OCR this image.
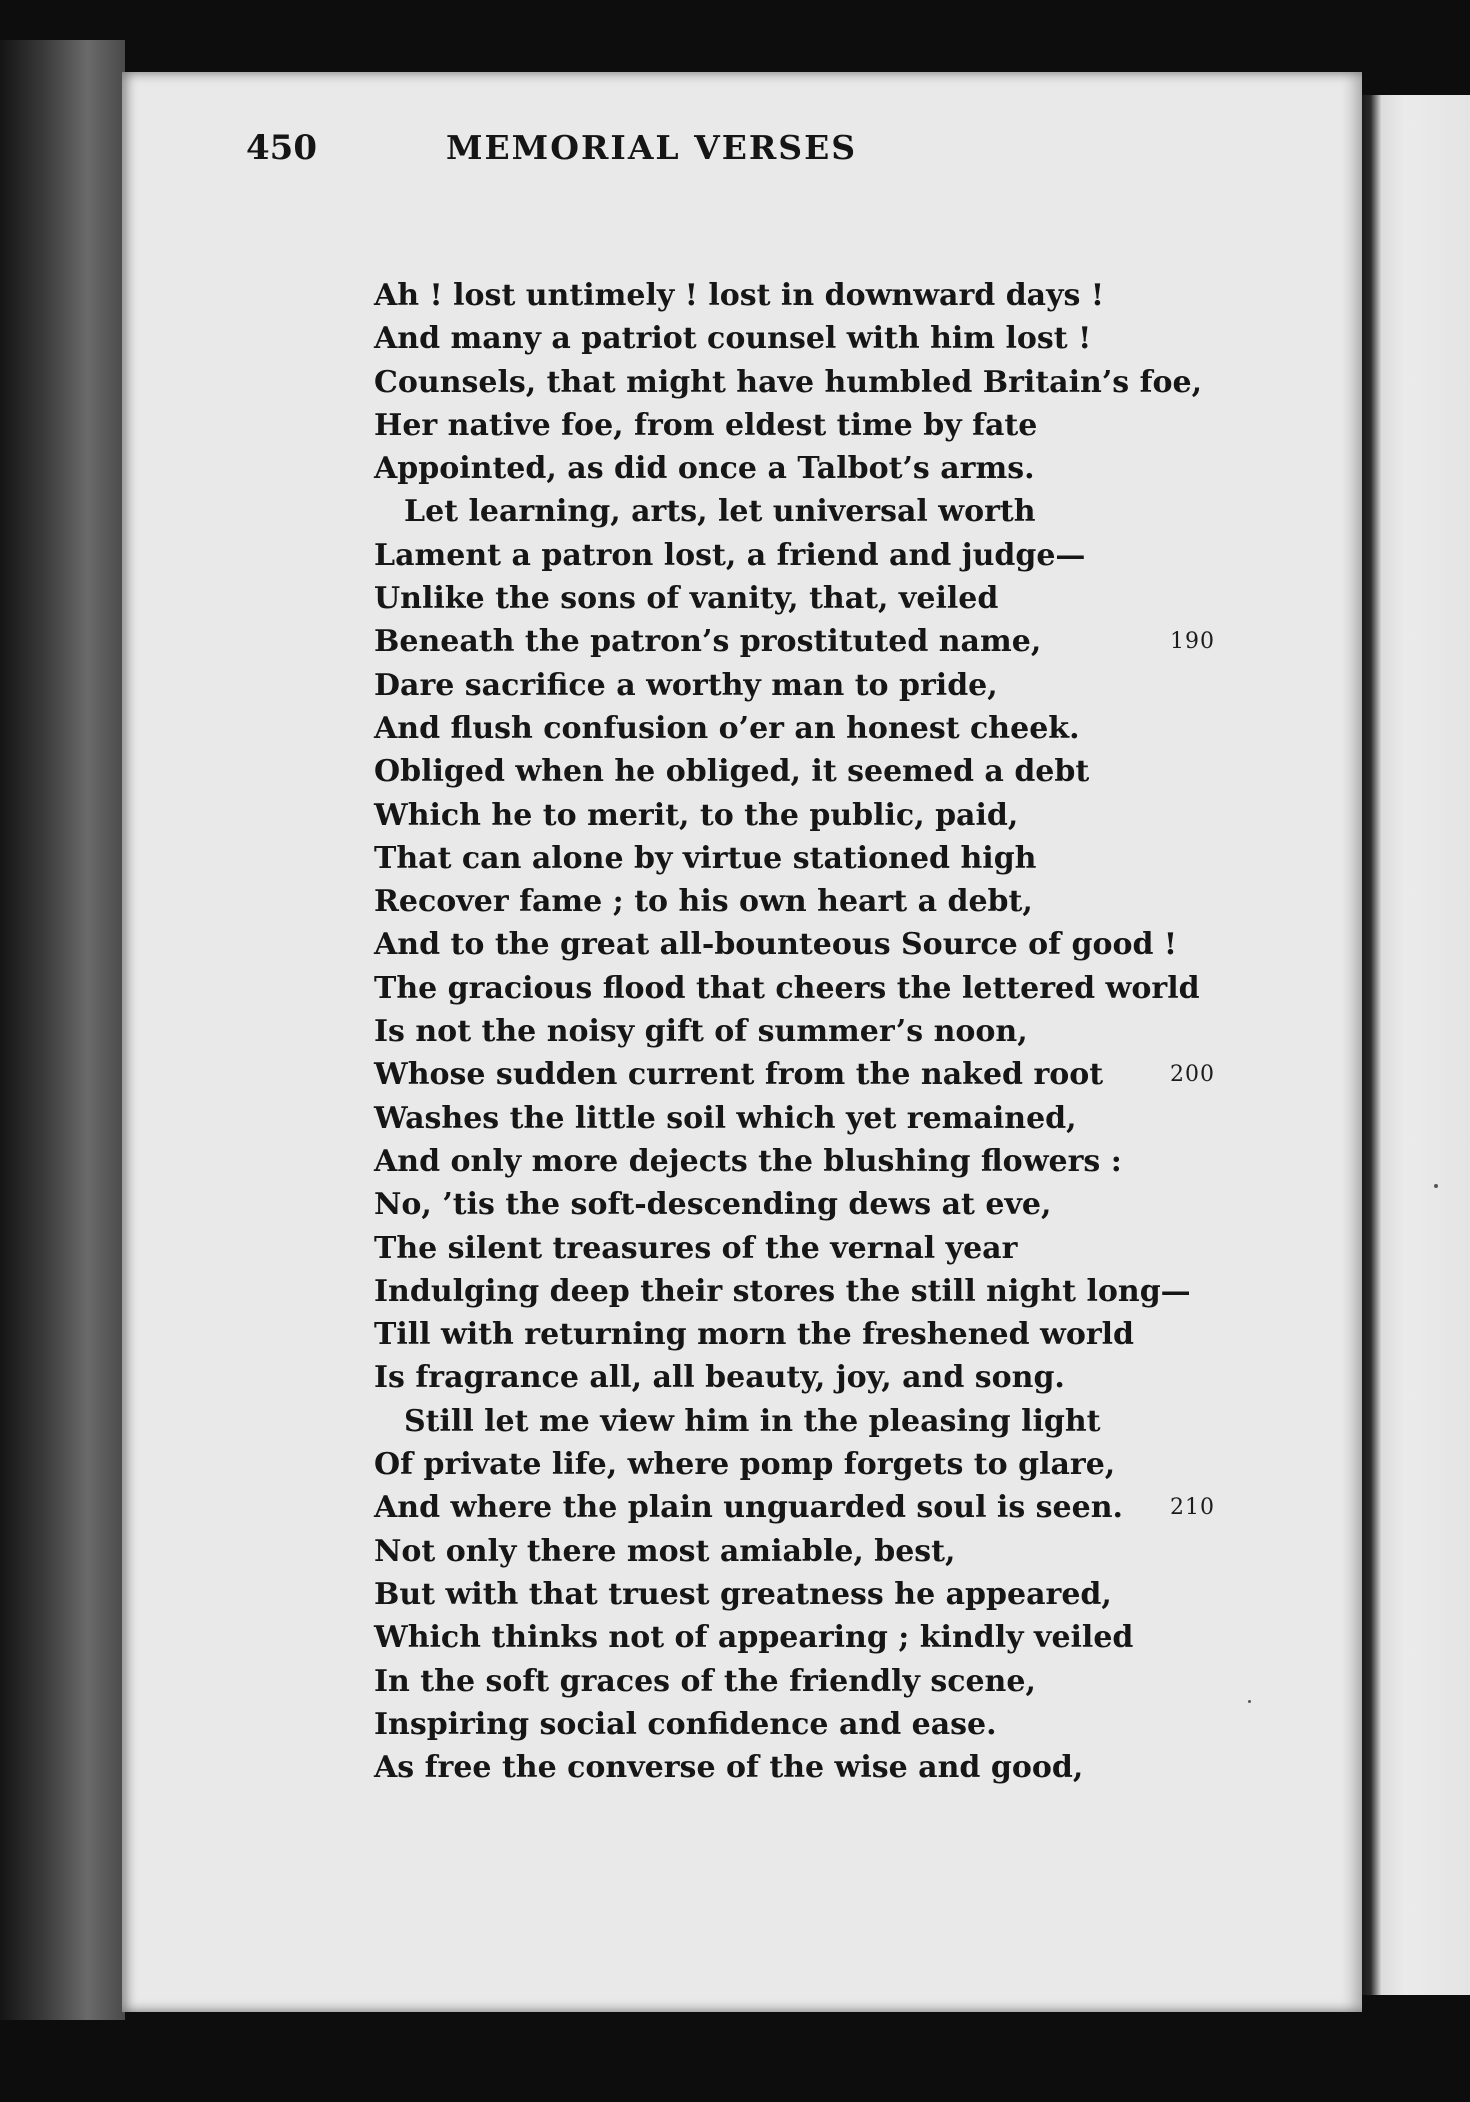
450	MEMORIAL VERSES
Ah ! lost untimely ! lost in downward days !
And many a patriot counsel with him lost !
Counsels, that might have humbled Britain’s foe,
Her native foe, from eldest time by fate
Appointed, as did once a Talbot’s arms.
Let learning, arts, let universal worth
Lament a patron lost, a friend and judge—
Unlike the sons of vanity, that, veiled
Beneath the patron’s prostituted name,	190
Dare sacrifice a worthy man to pride,
And flush confusion o’er an honest cheek.
Obliged when he obliged, it seemed a debt
Which he to merit, to the public, paid,
That can alone by virtue stationed high
Recover fame ; to his own heart a debt,
And to the great all-bounteous Source of good !
The gracious flood that cheers the lettered world
Is not the noisy gift of summer’s noon,
Whose sudden current from the naked root	200
Washes the little soil which yet remained,
And only more dejects the blushing flowers :
No, ’tis the soft-descending dews at eve,
The silent treasures of the vernal year
Indulging deep their stores the still night long—
Till with returning morn the freshened world
Is fragrance all, all beauty, joy, and song.
Still let me view him in the pleasing light
Of private life, where pomp forgets to glare,
And where the plain unguarded soul is seen. 210
Not only there most amiable, best,
But with that truest greatness he appeared,
Which thinks not of appearing ; kindly veiled
In the soft graces of the friendly scene,
Inspiring social confidence and ease.
As free the converse of the wise and good,
